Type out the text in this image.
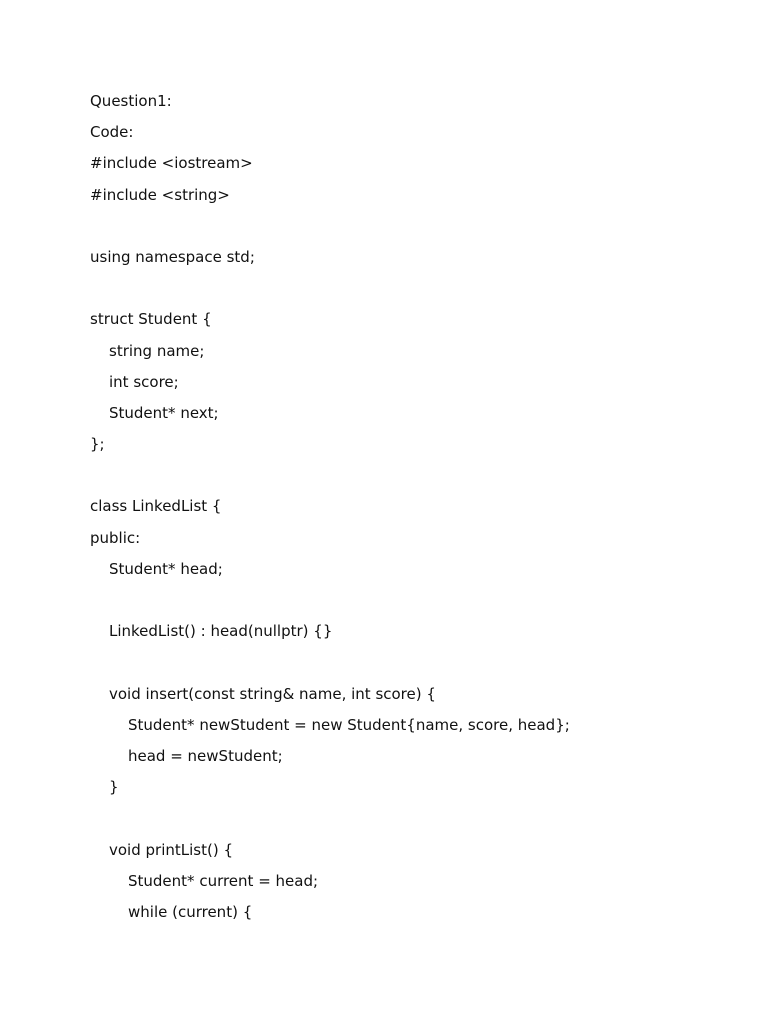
Question1:
Code:
#include <iostream>
#include <string>
using namespace std;
struct Student {
string name;
int score;
Student* next;
};
class LinkedList {
public:
Student* head;
LinkedList() : head(nullptr) {}
void insert(const string& name, int score) {
Student* newStudent = new Student{name, score, head};
head = newStudent;
}
void printList() {
Student* current = head;
while (current) {
